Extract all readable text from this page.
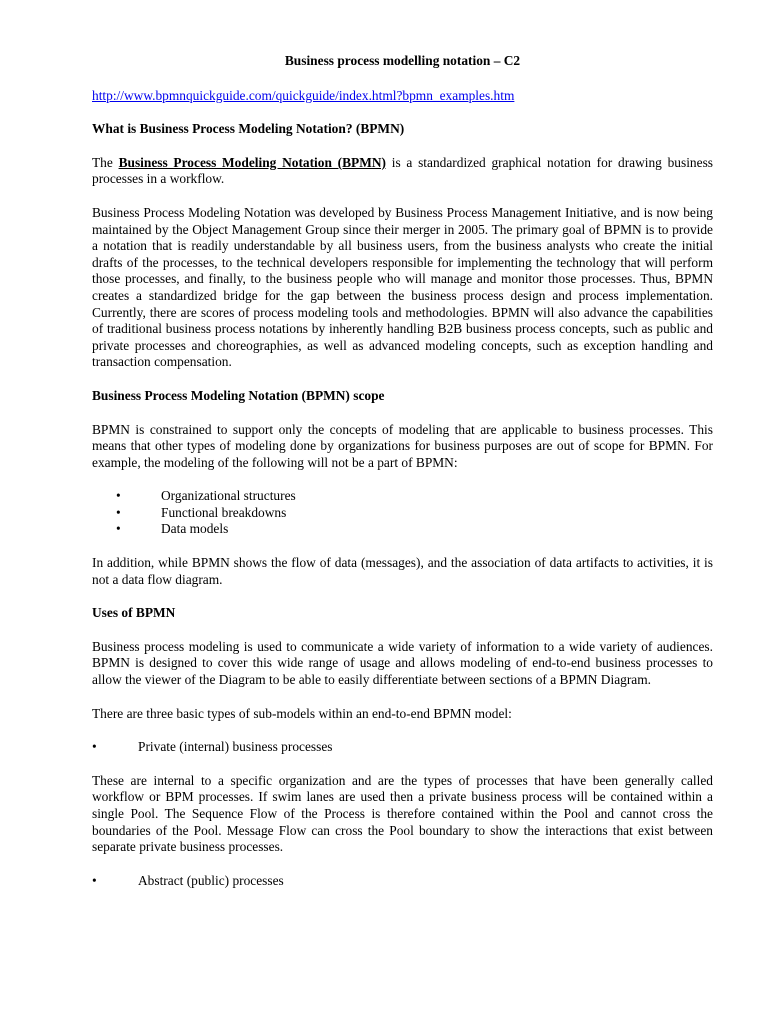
Business process modelling notation – C2
http://www.bpmnquickguide.com/quickguide/index.html?bpmn_examples.htm
What is Business Process Modeling Notation? (BPMN)

The Business Process Modeling Notation (BPMN) is a standardized graphical notation for drawing business processes in a workflow.

Business Process Modeling Notation was developed by Business Process Management Initiative, and is now being maintained by the Object Management Group since their merger in 2005. The primary goal of BPMN is to provide a notation that is readily understandable by all business users, from the business analysts who create the initial drafts of the processes, to the technical developers responsible for implementing the technology that will perform those processes, and finally, to the business people who will manage and monitor those processes. Thus, BPMN creates a standardized bridge for the gap between the business process design and process implementation. Currently, there are scores of process modeling tools and methodologies. BPMN will also advance the capabilities of traditional business process notations by inherently handling B2B business process concepts, such as public and private processes and choreographies, as well as advanced modeling concepts, such as exception handling and transaction compensation.

Business Process Modeling Notation (BPMN) scope

BPMN is constrained to support only the concepts of modeling that are applicable to business processes. This means that other types of modeling done by organizations for business purposes are out of scope for BPMN. For example, the modeling of the following will not be a part of BPMN:

•	Organizational structures
•	Functional breakdowns
•	Data models

In addition, while BPMN shows the flow of data (messages), and the association of data artifacts to activities, it is not a data flow diagram.

Uses of BPMN

Business process modeling is used to communicate a wide variety of information to a wide variety of audiences. BPMN is designed to cover this wide range of usage and allows modeling of end-to-end business processes to allow the viewer of the Diagram to be able to easily differentiate between sections of a BPMN Diagram.

There are three basic types of sub-models within an end-to-end BPMN model:

•	Private (internal) business processes

These are internal to a specific organization and are the types of processes that have been generally called workflow or BPM processes. If swim lanes are used then a private business process will be contained within a single Pool. The Sequence Flow of the Process is therefore contained within the Pool and cannot cross the boundaries of the Pool. Message Flow can cross the Pool boundary to show the interactions that exist between separate private business processes.

•	Abstract (public) processes
